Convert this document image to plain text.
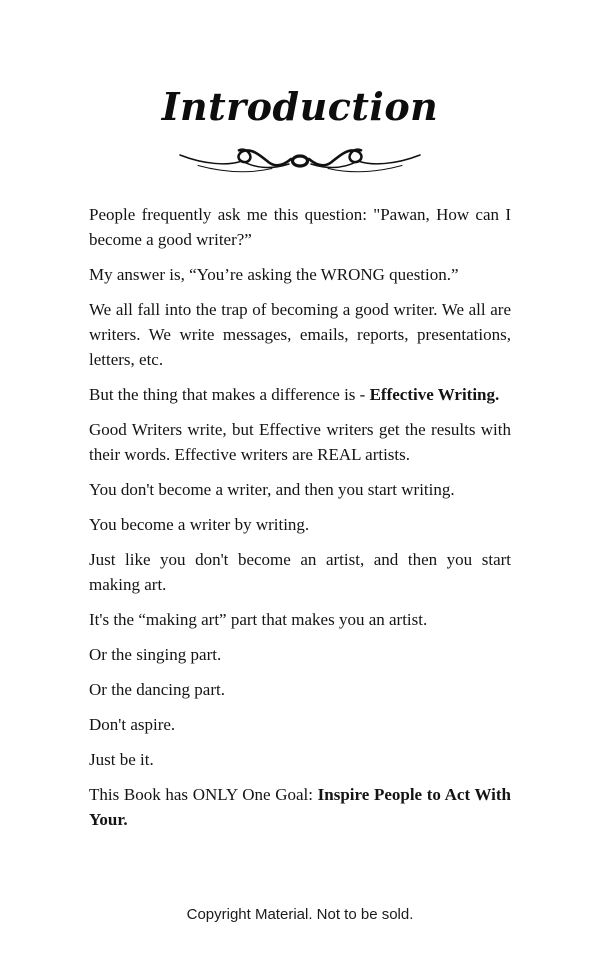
Introduction

People frequently ask me this question: "Pawan, How can I become a good writer?”

My answer is, “You’re asking the WRONG question.”

We all fall into the trap of becoming a good writer. We all are writers. We write messages, emails, reports, presentations, letters, etc.

But the thing that makes a difference is - Effective Writing.

Good Writers write, but Effective writers get the results with their words. Effective writers are REAL artists.

You don't become a writer, and then you start writing.

You become a writer by writing.

Just like you don't become an artist, and then you start making art.

It's the “making art” part that makes you an artist.

Or the singing part.

Or the dancing part.

Don't aspire.

Just be it.

This Book has ONLY One Goal: Inspire People to Act With Your.

Copyright Material. Not to be sold.
